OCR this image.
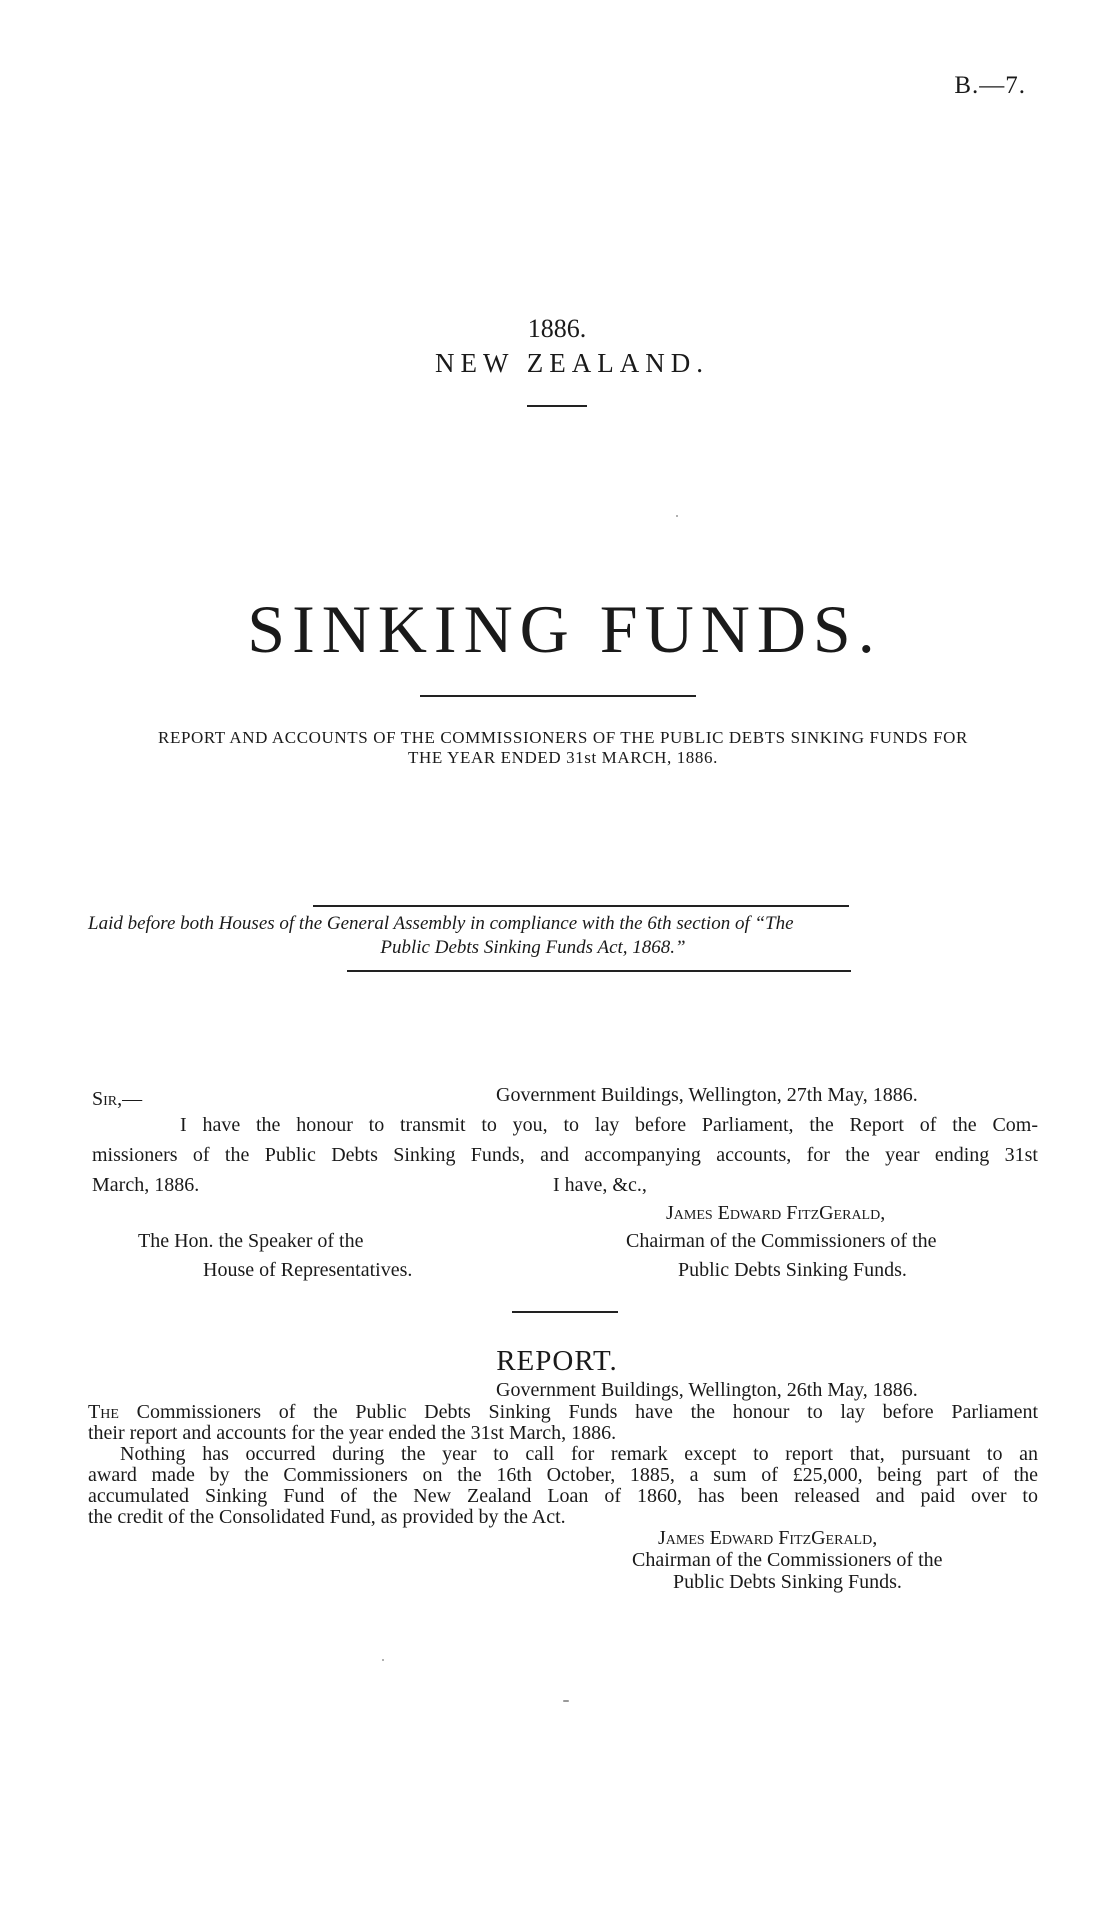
B.—7.
1886.
NEW ZEALAND.
SINKING FUNDS.
REPORT AND ACCOUNTS OF THE COMMISSIONERS OF THE PUBLIC DEBTS SINKING FUNDS FOR
THE YEAR ENDED 31st MARCH, 1886.
Laid before both Houses of the General Assembly in compliance with the 6th section of “The
Public Debts Sinking Funds Act, 1868.”
Sir,—	Government Buildings, Wellington, 27th May, 1886.
I have the honour to transmit to you, to lay before Parliament, the Report of the Com-
missioners of the Public Debts Sinking Funds, and accompanying accounts, for the year ending 31st
March, 1886.	I have, &c.,
James Edward FitzGerald,
Chairman of the Commissioners of the
Public Debts Sinking Funds.
The Hon. the Speaker of the
House of Representatives.
REPORT.
Government Buildings, Wellington, 26th May, 1886.
The Commissioners of the Public Debts Sinking Funds have the honour to lay before Parliament
their report and accounts for the year ended the 31st March, 1886.
Nothing has occurred during the year to call for remark except to report that, pursuant to an
award made by the Commissioners on the 16th October, 1885, a sum of £25,000, being part of the
accumulated Sinking Fund of the New Zealand Loan of 1860, has been released and paid over to
the credit of the Consolidated Fund, as provided by the Act.
James Edward FitzGerald,
Chairman of the Commissioners of the
Public Debts Sinking Funds.
